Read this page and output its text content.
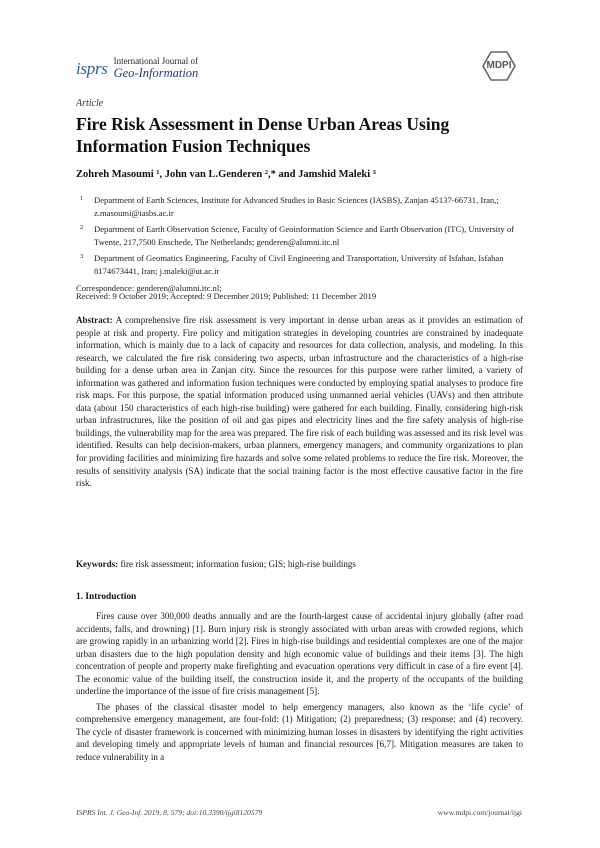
isprs International Journal of
Geo-Information
MDPI
Article
Fire Risk Assessment in Dense Urban Areas Using Information Fusion Techniques
Zohreh Masoumi ¹, John van L.Genderen ²,* and Jamshid Maleki ³
1 Department of Earth Sciences, Institute for Advanced Studies in Basic Sciences (IASBS), Zanjan 45137-66731, Iran,; z.masoumi@iasbs.ac.ir
2 Department of Earth Observation Science, Faculty of Geoinformation Science and Earth Observation (ITC), University of Twente, 217,7500 Enschede, The Netherlands; genderen@alumni.itc.nl
3 Department of Geomatics Engineering, Faculty of Civil Engineering and Transportation, University of Isfahan, Isfahan 8174673441, Iran; j.maleki@ut.ac.ir
Correspondence: genderen@alumni.itc.nl;
Received: 9 October 2019; Accepted: 9 December 2019; Published: 11 December 2019
Abstract: A comprehensive fire risk assessment is very important in dense urban areas as it provides an estimation of people at risk and property. Fire policy and mitigation strategies in developing countries are constrained by inadequate information, which is mainly due to a lack of capacity and resources for data collection, analysis, and modeling. In this research, we calculated the fire risk considering two aspects, urban infrastructure and the characteristics of a high-rise building for a dense urban area in Zanjan city. Since the resources for this purpose were rather limited, a variety of information was gathered and information fusion techniques were conducted by employing spatial analyses to produce fire risk maps. For this purpose, the spatial information produced using unmanned aerial vehicles (UAVs) and then attribute data (about 150 characteristics of each high-rise building) were gathered for each building. Finally, considering high-risk urban infrastructures, like the position of oil and gas pipes and electricity lines and the fire safety analysis of high-rise buildings, the vulnerability map for the area was prepared. The fire risk of each building was assessed and its risk level was identified. Results can help decision-makers, urban planners, emergency managers, and community organizations to plan for providing facilities and minimizing fire hazards and solve some related problems to reduce the fire risk. Moreover, the results of sensitivity analysis (SA) indicate that the social training factor is the most effective causative factor in the fire risk.
Keywords: fire risk assessment; information fusion; GIS; high-rise buildings
1. Introduction

Fires cause over 300,000 deaths annually and are the fourth-largest cause of accidental injury globally (after road accidents, falls, and drowning) [1]. Burn injury risk is strongly associated with urban areas with crowded regions, which are growing rapidly in an urbanizing world [2]. Fires in high-rise buildings and residential complexes are one of the major urban disasters due to the high population density and high economic value of buildings and their items [3]. The high concentration of people and property make firefighting and evacuation operations very difficult in case of a fire event [4]. The economic value of the building itself, the construction inside it, and the property of the occupants of the building underline the importance of the issue of fire crisis management [5].

The phases of the classical disaster model to help emergency managers, also known as the ‘life cycle’ of comprehensive emergency management, are four-fold: (1) Mitigation; (2) preparedness; (3) response; and (4) recovery. The cycle of disaster framework is concerned with minimizing human losses in disasters by identifying the right activities and developing timely and appropriate levels of human and financial resources [6,7]. Mitigation measures are taken to reduce vulnerability in a

ISPRS Int. J. Geo-Inf. 2019, 8, 579; doi:10.3390/ijgi8120579	www.mdpi.com/journal/ijgi
